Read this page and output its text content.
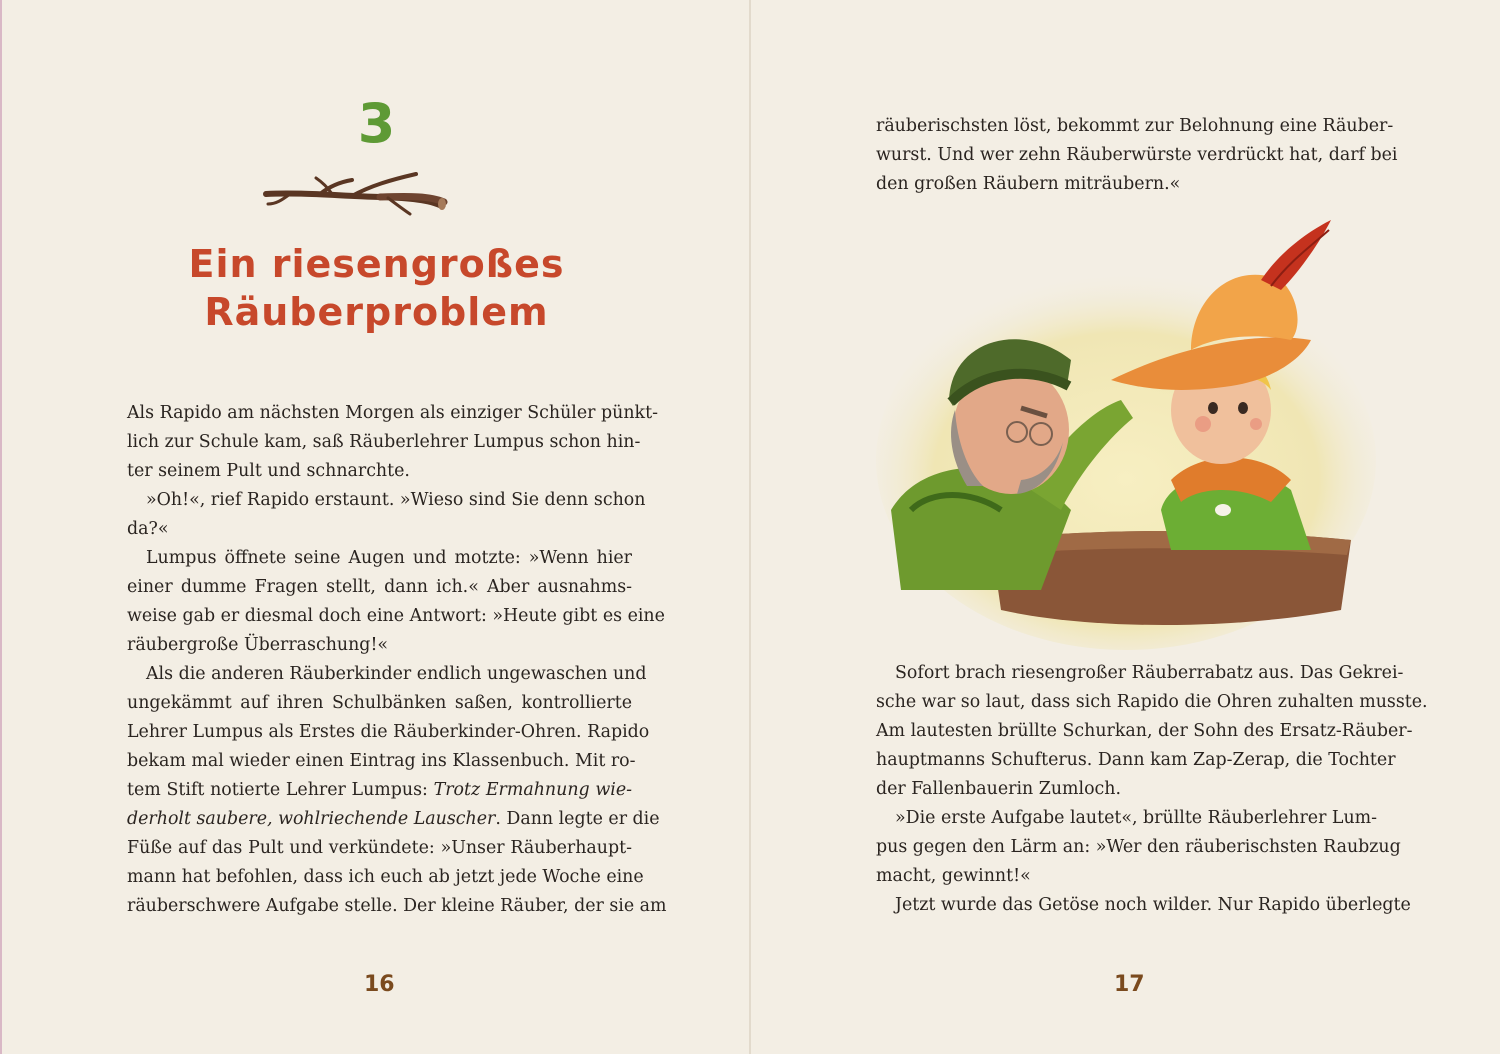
3
Ein riesengroßes
Räuberproblem
Als Rapido am nächsten Morgen als einziger Schüler pünkt-
lich zur Schule kam, saß Räuberlehrer Lumpus schon hin-
ter seinem Pult und schnarchte.
»Oh!«, rief Rapido erstaunt. »Wieso sind Sie denn schon
da?«
Lumpus öffnete seine Augen und motzte: »Wenn hier
einer dumme Fragen stellt, dann ich.« Aber ausnahms-
weise gab er diesmal doch eine Antwort: »Heute gibt es eine
räubergroße Überraschung!«
Als die anderen Räuberkinder endlich ungewaschen und
ungekämmt auf ihren Schulbänken saßen, kontrollierte
Lehrer Lumpus als Erstes die Räuberkinder-Ohren. Rapido
bekam mal wieder einen Eintrag ins Klassenbuch. Mit ro-
tem Stift notierte Lehrer Lumpus: Trotz Ermahnung wie-
derholt saubere, wohlriechende Lauscher. Dann legte er die
Füße auf das Pult und verkündete: »Unser Räuberhaupt-
mann hat befohlen, dass ich euch ab jetzt jede Woche eine
räuberschwere Aufgabe stelle. Der kleine Räuber, der sie am
16
räuberischsten löst, bekommt zur Belohnung eine Räuber-
wurst. Und wer zehn Räuberwürste verdrückt hat, darf bei
den großen Räubern miträubern.«
Sofort brach riesengroßer Räuberrabatz aus. Das Gekrei-
sche war so laut, dass sich Rapido die Ohren zuhalten musste.
Am lautesten brüllte Schurkan, der Sohn des Ersatz-Räuber-
hauptmanns Schufterus. Dann kam Zap-Zerap, die Tochter
der Fallenbauerin Zumloch.
»Die erste Aufgabe lautet«, brüllte Räuberlehrer Lum-
pus gegen den Lärm an: »Wer den räuberischsten Raubzug
macht, gewinnt!«
Jetzt wurde das Getöse noch wilder. Nur Rapido überlegte
17
